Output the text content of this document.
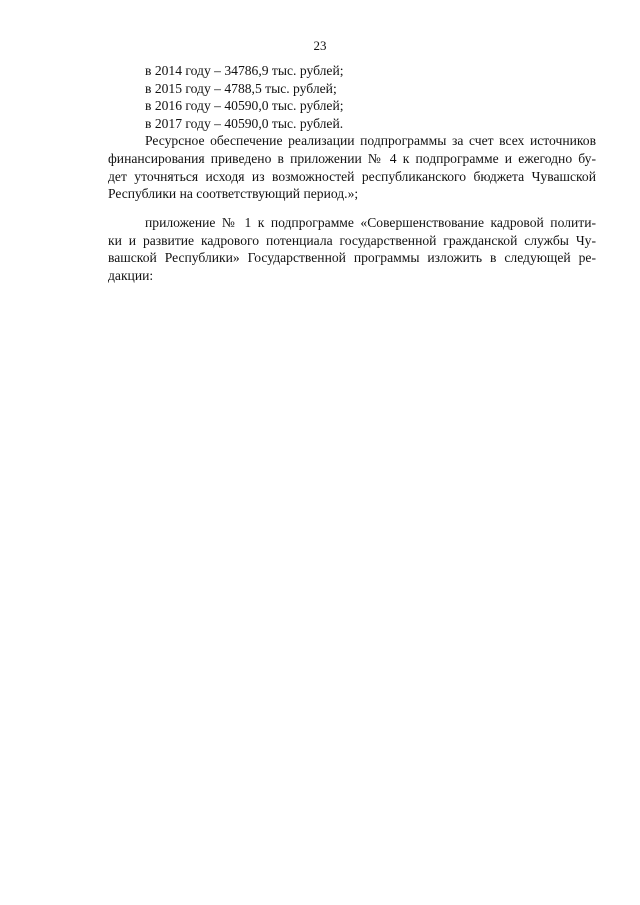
23
в 2014 году – 34786,9 тыс. рублей;
в 2015 году – 4788,5 тыс. рублей;
в 2016 году – 40590,0 тыс. рублей;
в 2017 году – 40590,0 тыс. рублей.
Ресурсное обеспечение реализации подпрограммы за счет всех источников
финансирования приведено в приложении № 4 к подпрограмме и ежегодно бу-
дет уточняться исходя из возможностей республиканского бюджета Чувашской
Республики на соответствующий период.»;
приложение № 1 к подпрограмме «Совершенствование кадровой полити-
ки и развитие кадрового потенциала государственной гражданской службы Чу-
вашской Республики» Государственной программы изложить в следующей ре-
дакции:
